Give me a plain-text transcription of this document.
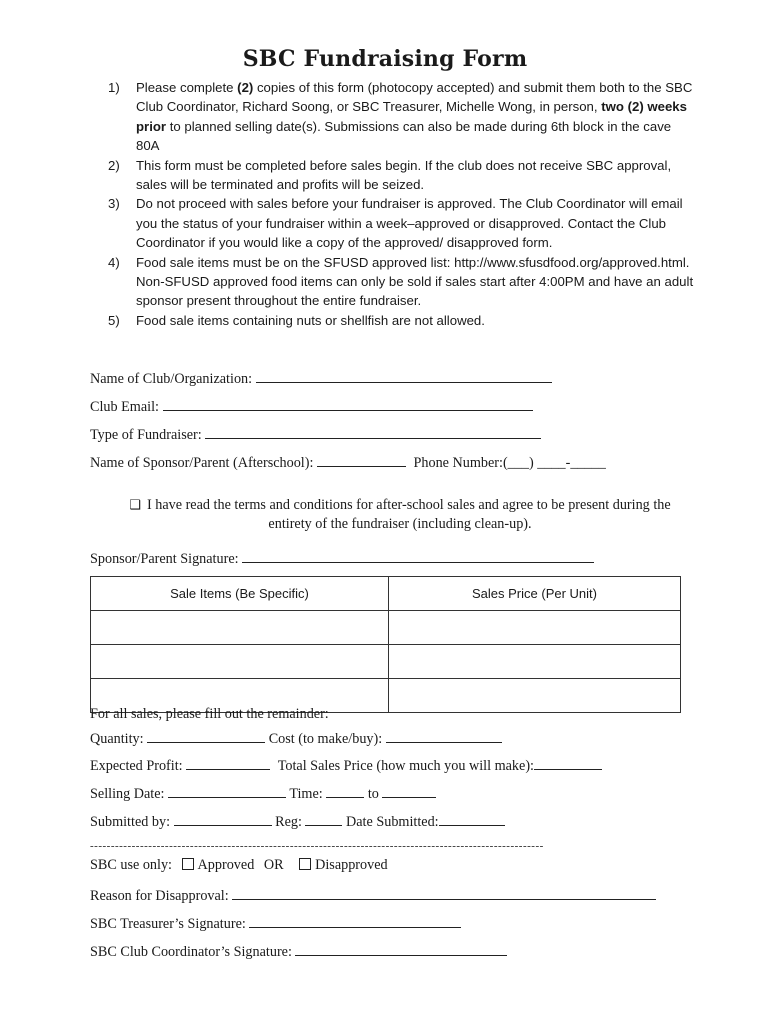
SBC Fundraising Form
1)	Please complete (2) copies of this form (photocopy accepted) and submit them both to the SBC Club Coordinator, Richard Soong, or SBC Treasurer, Michelle Wong, in person, two (2) weeks prior to planned selling date(s). Submissions can also be made during 6th block in the cave 80A
2)	This form must be completed before sales begin. If the club does not receive SBC approval, sales will be terminated and profits will be seized.
3)	Do not proceed with sales before your fundraiser is approved. The Club Coordinator will email you the status of your fundraiser within a week–approved or disapproved. Contact the Club Coordinator if you would like a copy of the approved/ disapproved form.
4)	Food sale items must be on the SFUSD approved list: http://www.sfusdfood.org/approved.html. Non-SFUSD approved food items can only be sold if sales start after 4:00PM and have an adult sponsor present throughout the entire fundraiser.
5)	Food sale items containing nuts or shellfish are not allowed.
Name of Club/Organization:
Club Email:
Type of Fundraiser:
Name of Sponsor/Parent (Afterschool):	Phone Number:(___) ____-_____
❑ I have read the terms and conditions for after-school sales and agree to be present during the entirety of the fundraiser (including clean-up).
Sponsor/Parent Signature:
Sale Items (Be Specific)	Sales Price (Per Unit)

For all sales, please fill out the remainder:
Quantity:	Cost (to make/buy):
Expected Profit:	Total Sales Price (how much you will make):
Selling Date:	Time:	to
Submitted by:	Reg:	Date Submitted:
-------------------------------------------------------------------------------------------------------------
SBC use only: Approved OR Disapproved
Reason for Disapproval:
SBC Treasurer’s Signature:
SBC Club Coordinator’s Signature:
